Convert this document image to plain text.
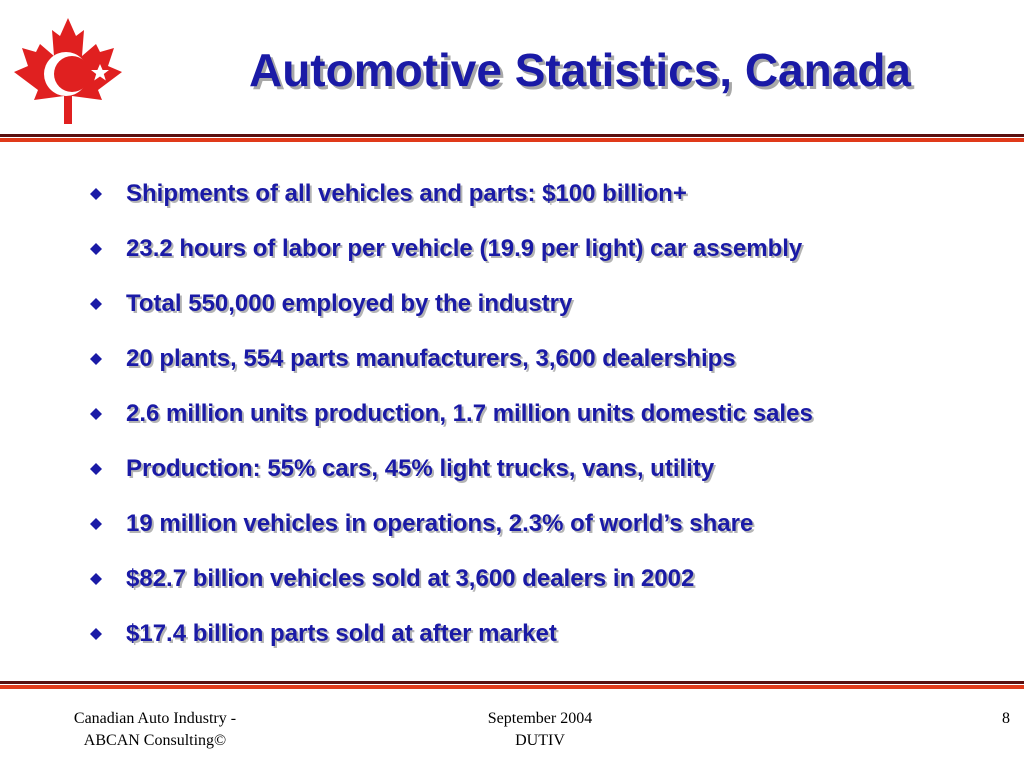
Automotive Statistics, Canada
Shipments of all vehicles and parts: $100 billion+
23.2 hours of labor per vehicle (19.9 per light) car assembly
Total 550,000 employed by the industry
20 plants, 554 parts manufacturers, 3,600 dealerships
2.6 million units production, 1.7 million units domestic sales
Production: 55% cars, 45% light trucks, vans, utility
19 million vehicles in operations, 2.3% of world’s share
$82.7 billion vehicles sold at 3,600 dealers in 2002
$17.4 billion parts sold at after market
Canadian Auto Industry -
ABCAN Consulting©
September 2004
DUTIV
8
